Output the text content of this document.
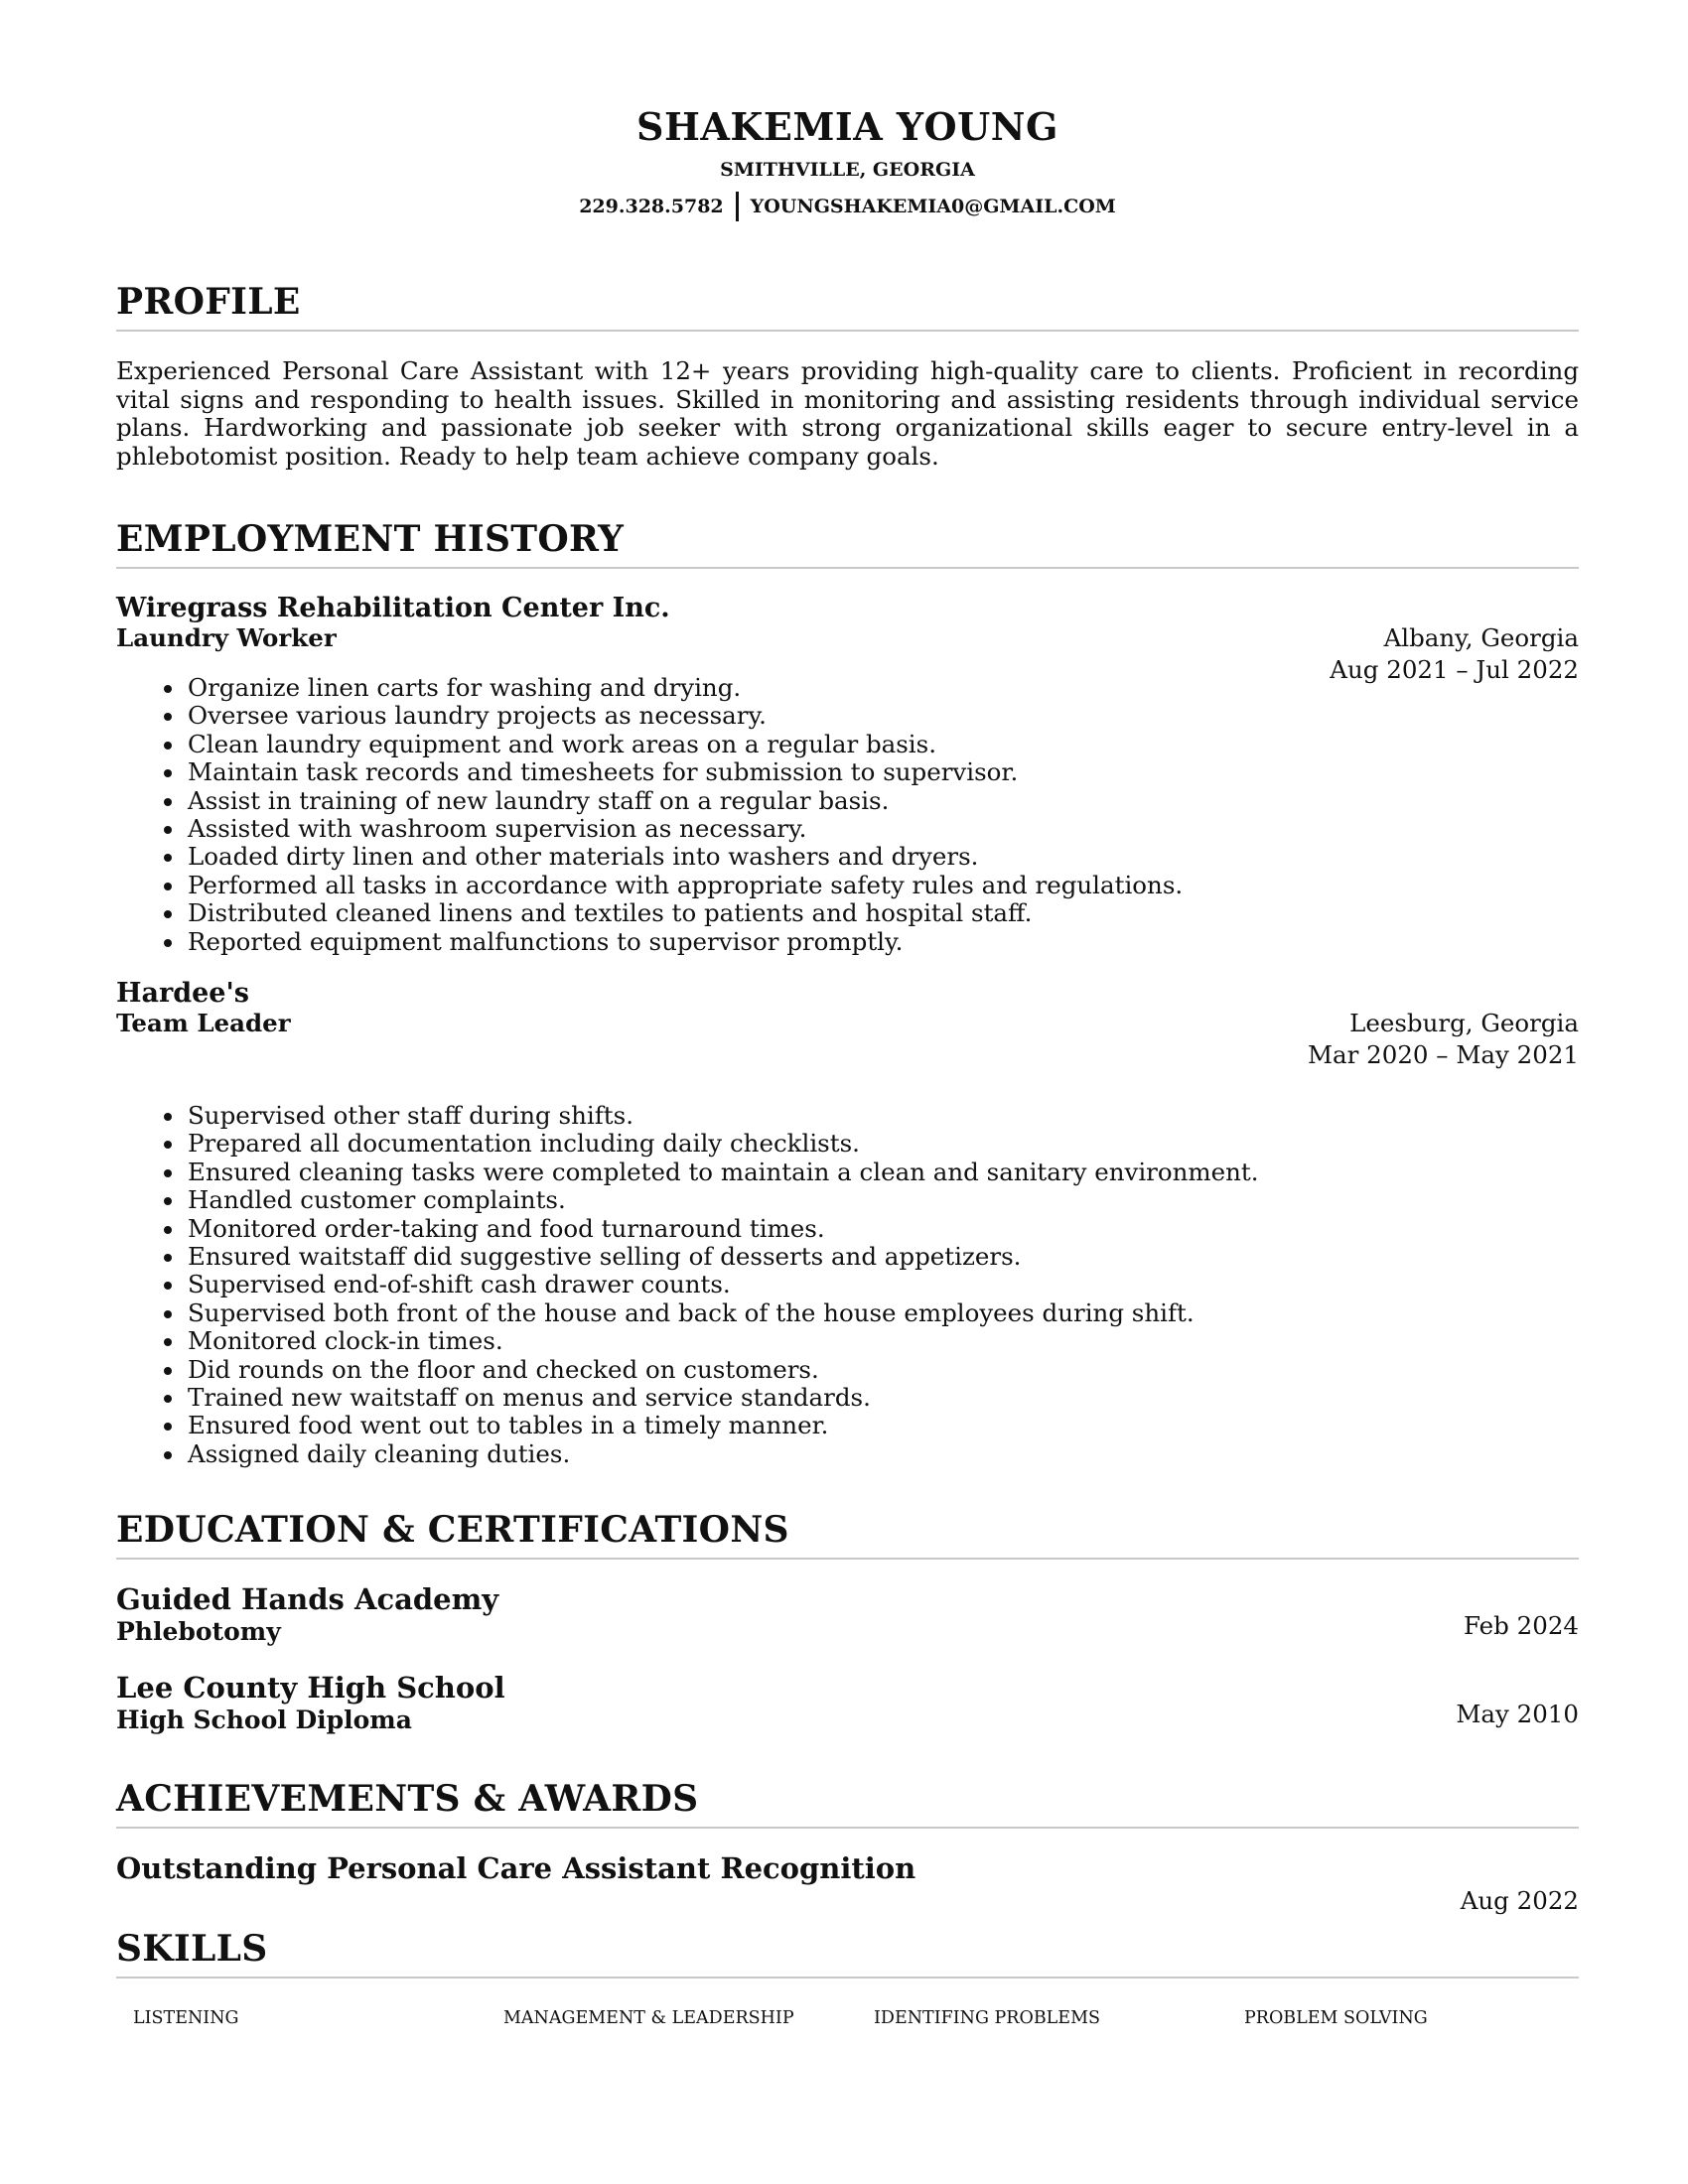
SHAKEMIA YOUNG
SMITHVILLE, GEORGIA
229.328.5782 YOUNGSHAKEMIA0@GMAIL.COM
PROFILE

Experienced Personal Care Assistant with 12+ years providing high-quality care to clients. Proficient in recording vital signs and responding to health issues. Skilled in monitoring and assisting residents through individual service plans. Hardworking and passionate job seeker with strong organizational skills eager to secure entry-level in a phlebotomist position. Ready to help team achieve company goals.

EMPLOYMENT HISTORY
Wiregrass Rehabilitation Center Inc.
Laundry Worker	Albany, Georgia
Aug 2021 – Jul 2022
• Organize linen carts for washing and drying.
• Oversee various laundry projects as necessary.
• Clean laundry equipment and work areas on a regular basis.
• Maintain task records and timesheets for submission to supervisor.
• Assist in training of new laundry staff on a regular basis.
• Assisted with washroom supervision as necessary.
• Loaded dirty linen and other materials into washers and dryers.
• Performed all tasks in accordance with appropriate safety rules and regulations.
• Distributed cleaned linens and textiles to patients and hospital staff.
• Reported equipment malfunctions to supervisor promptly.
Hardee's
Team Leader	Leesburg, Georgia
Mar 2020 – May 2021
• Supervised other staff during shifts.
• Prepared all documentation including daily checklists.
• Ensured cleaning tasks were completed to maintain a clean and sanitary environment.
• Handled customer complaints.
• Monitored order-taking and food turnaround times.
• Ensured waitstaff did suggestive selling of desserts and appetizers.
• Supervised end-of-shift cash drawer counts.
• Supervised both front of the house and back of the house employees during shift.
• Monitored clock-in times.
• Did rounds on the floor and checked on customers.
• Trained new waitstaff on menus and service standards.
• Ensured food went out to tables in a timely manner.
• Assigned daily cleaning duties.
EDUCATION & CERTIFICATIONS
Guided Hands Academy
Phlebotomy	Feb 2024
Lee County High School
High School Diploma	May 2010
ACHIEVEMENTS & AWARDS
Outstanding Personal Care Assistant Recognition
Aug 2022
SKILLS
LISTENING	MANAGEMENT & LEADERSHIP	IDENTIFING PROBLEMS	PROBLEM SOLVING
